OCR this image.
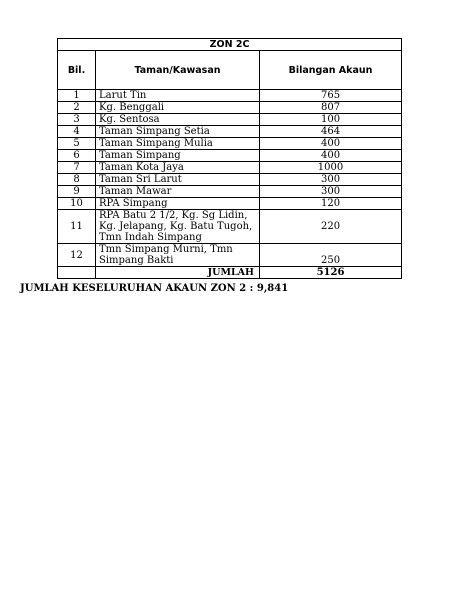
ZON 2C		
Bil.	Taman/Kawasan	Bilangan Akaun
1	Larut Tin	765
2	Kg. Benggali	807
3	Kg. Sentosa	100
4	Taman Simpang Setia	464
5	Taman Simpang Mulia	400
6	Taman Simpang	400
7	Taman Kota Jaya	1000
8	Taman Sri Larut	300
9	Taman Mawar	300
10	RPA Simpang	120
11	RPA Batu 2 1/2, Kg. Sg Lidin, Kg. Jelapang, Kg. Batu Tugoh, Tmn Indah Simpang	220
12	Tmn Simpang Murni, Tmn Simpang Bakti	250
	JUMLAH	5126
JUMLAH KESELURUHAN AKAUN ZON 2 : 9,841
